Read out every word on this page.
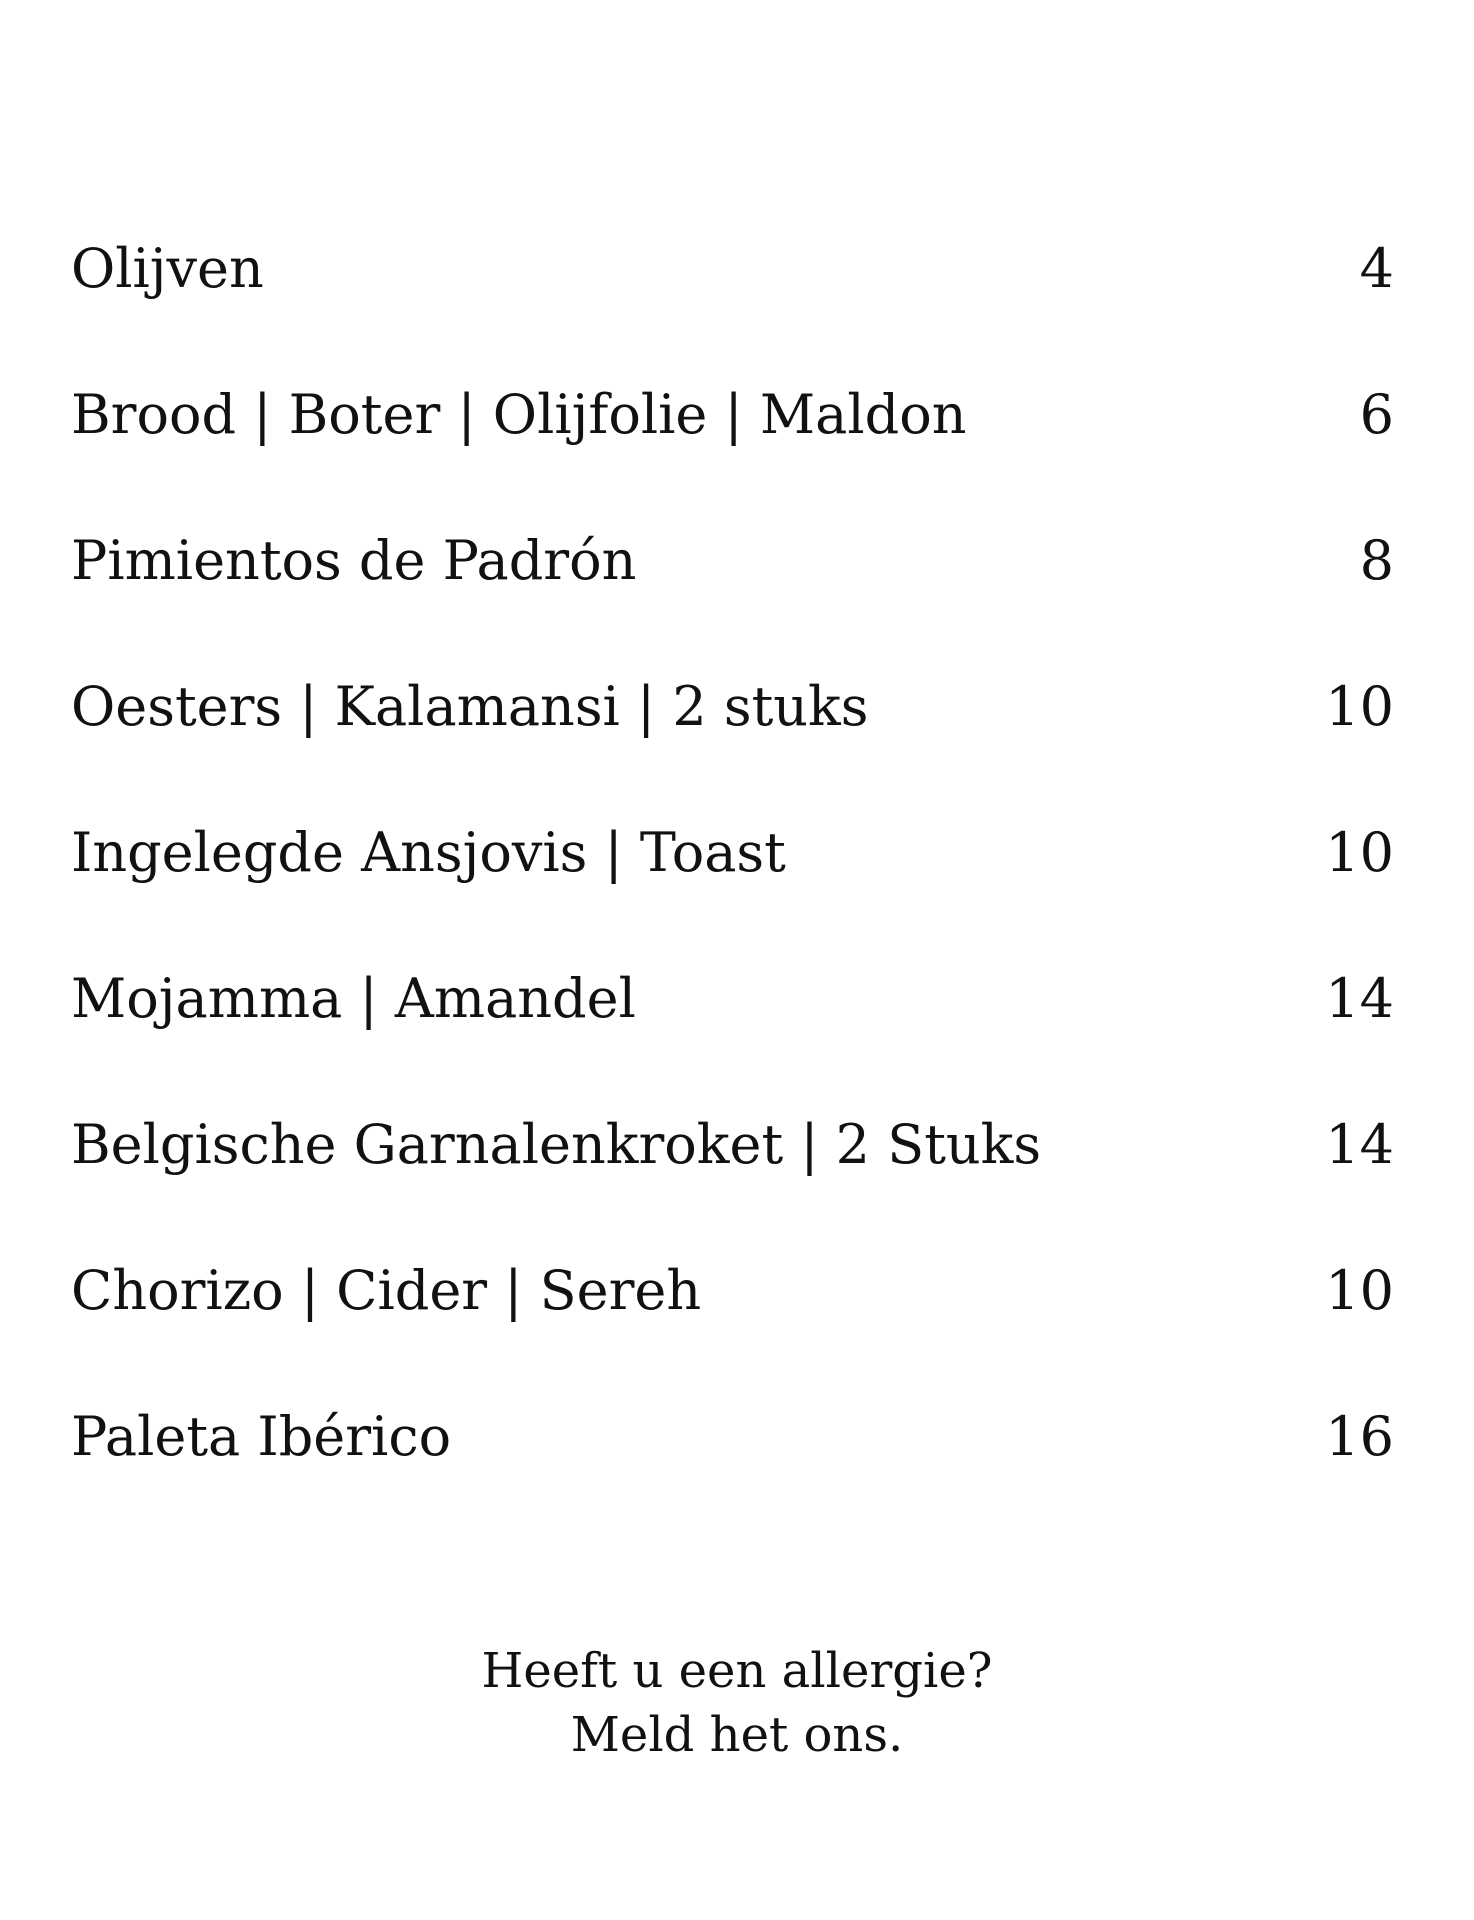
Olijven	4
Brood | Boter | Olijfolie | Maldon	6
Pimientos de Padrón	8
Oesters | Kalamansi | 2 stuks	10
Ingelegde Ansjovis | Toast	10
Mojamma | Amandel	14
Belgische Garnalenkroket | 2 Stuks	14
Chorizo | Cider | Sereh	10
Paleta Ibérico	16
Heeft u een allergie?
Meld het ons.
